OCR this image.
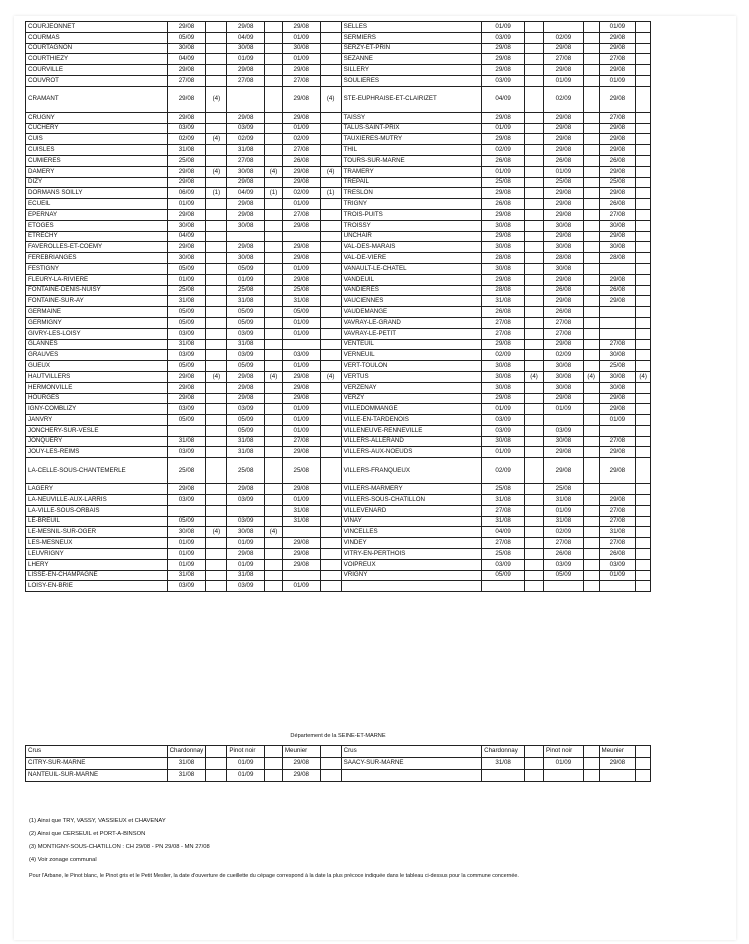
COURJEONNET	29/08		29/08		29/08		SELLES	01/09				01/09	
COURMAS	05/09		04/09		01/09		SERMIERS	03/09		02/09		29/08	
COURTAGNON	30/08		30/08		30/08		SERZY-ET-PRIN	29/08		29/08		29/08	
COURTHIEZY	04/09		01/09		01/09		SEZANNE	29/08		27/08		27/08	
COURVILLE	29/08		29/08		29/08		SILLERY	29/08		29/08		29/08	
COUVROT	27/08		27/08		27/08		SOULIERES	03/09		01/09		01/09	
CRAMANT	29/08	(4)			29/08	(4)	STE-EUPHRAISE-ET-CLAIRIZET	04/09		02/09		29/08	
CRUGNY	29/08		29/08		29/08		TAISSY	29/08		29/08		27/08	
CUCHERY	03/09		03/09		01/09		TALUS-SAINT-PRIX	01/09		29/08		29/08	
CUIS	02/09	(4)	02/09		02/09		TAUXIERES-MUTRY	29/08		29/08		29/08	
CUISLES	31/08		31/08		27/08		THIL	02/09		29/08		29/08	
CUMIERES	25/08		27/08		26/08		TOURS-SUR-MARNE	26/08		26/08		26/08	
DAMERY	29/08	(4)	30/08	(4)	29/08	(4)	TRAMERY	01/09		01/09		29/08	
DIZY	29/08		29/08		29/08		TREPAIL	25/08		25/08		25/08	
DORMANS SOILLY	06/09	(1)	04/09	(1)	02/09	(1)	TRESLON	29/08		29/08		29/08	
ECUEIL	01/09		29/08		01/09		TRIGNY	26/08		29/08		26/08	
EPERNAY	29/08		29/08		27/08		TROIS-PUITS	29/08		29/08		27/08	
ETOGES	30/08		30/08		29/08		TROISSY	30/08		30/08		30/08	
ETRECHY	04/09						UNCHAIR	29/08		29/08		29/08	
FAVEROLLES-ET-COEMY	29/08		29/08		29/08		VAL-DES-MARAIS	30/08		30/08		30/08	
FEREBRIANGES	30/08		30/08		29/08		VAL-DE-VIERE	28/08		28/08		28/08	
FESTIGNY	05/09		05/09		01/09		VANAULT-LE-CHATEL	30/08		30/08			
FLEURY-LA-RIVIERE	01/09		01/09		29/08		VANDEUIL	29/08		29/08		29/08	
FONTAINE-DENIS-NUISY	25/08		25/08		25/08		VANDIERES	28/08		26/08		26/08	
FONTAINE-SUR-AY	31/08		31/08		31/08		VAUCIENNES	31/08		29/08		29/08	
GERMAINE	05/09		05/09		05/09		VAUDEMANGE	26/08		26/08			
GERMIGNY	05/09		05/09		01/09		VAVRAY-LE-GRAND	27/08		27/08			
GIVRY-LES-LOISY	03/09		03/09		01/09		VAVRAY-LE-PETIT	27/08		27/08			
GLANNES	31/08		31/08				VENTEUIL	29/08		29/08		27/08	
GRAUVES	03/09		03/09		03/09		VERNEUIL	02/09		02/09		30/08	
GUEUX	05/09		05/09		01/09		VERT-TOULON	30/08		30/08		25/08	
HAUTVILLERS	29/08	(4)	29/08	(4)	29/08	(4)	VERTUS	30/08	(4)	30/08	(4)	30/08	(4)
HERMONVILLE	29/08		29/08		29/08		VERZENAY	30/08		30/08		30/08	
HOURGES	29/08		29/08		29/08		VERZY	29/08		29/08		29/08	
IGNY-COMBLIZY	03/09		03/09		01/09		VILLEDOMMANGE	01/09		01/09		29/08	
JANVRY	05/09		05/09		01/09		VILLE-EN-TARDENOIS	03/09				01/09	
JONCHERY-SUR-VESLE			05/09		01/09		VILLENEUVE-RENNEVILLE	03/09		03/09			
JONQUERY	31/08		31/08		27/08		VILLERS-ALLERAND	30/08		30/08		27/08	
JOUY-LES-REIMS	03/09		31/08		29/08		VILLERS-AUX-NOEUDS	01/09		29/08		29/08	
LA-CELLE-SOUS-CHANTEMERLE	25/08		25/08		25/08		VILLERS-FRANQUEUX	02/09		29/08		29/08	
LAGERY	29/08		29/08		29/08		VILLERS-MARMERY	25/08		25/08			
LA-NEUVILLE-AUX-LARRIS	03/09		03/09		01/09		VILLERS-SOUS-CHATILLON	31/08		31/08		29/08	
LA-VILLE-SOUS-ORBAIS					31/08		VILLEVENARD	27/08		01/09		27/08	
LE-BREUIL	05/09		03/09		31/08		VINAY	31/08		31/08		27/08	
LE-MESNIL-SUR-OGER	30/08	(4)	30/08	(4)			VINCELLES	04/09		02/09		31/08	
LES-MESNEUX	01/09		01/09		29/08		VINDEY	27/08		27/08		27/08	
LEUVRIGNY	01/09		29/08		29/08		VITRY-EN-PERTHOIS	25/08		26/08		26/08	
LHERY	01/09		01/09		29/08		VOIPREUX	03/09		03/09		03/09	
LISSE-EN-CHAMPAGNE	31/08		31/08				VRIGNY	05/09		05/09		01/09	
LOISY-EN-BRIE	03/09		03/09		01/09								
Département de la SEINE-ET-MARNE
Crus	Chardonnay		Pinot noir		Meunier		Crus	Chardonnay		Pinot noir		Meunier	
CITRY-SUR-MARNE	31/08		01/09		29/08		SAACY-SUR-MARNE	31/08		01/09		29/08	
NANTEUIL-SUR-MARNE	31/08		01/09		29/08								
(1) Ainsi que TRY, VASSY, VASSIEUX et CHAVENAY
(2) Ainsi que CERSEUIL et PORT-A-BINSON
(3) MONTIGNY-SOUS-CHATILLON : CH 29/08 - PN 29/08 - MN 27/08
(4) Voir zonage communal
Pour l'Arbane, le Pinot blanc, le Pinot gris et le Petit Meslier, la date d'ouverture de cueillette du cépage correspond à la date la plus précoce indiquée dans le tableau ci-dessus pour la commune concernée.
